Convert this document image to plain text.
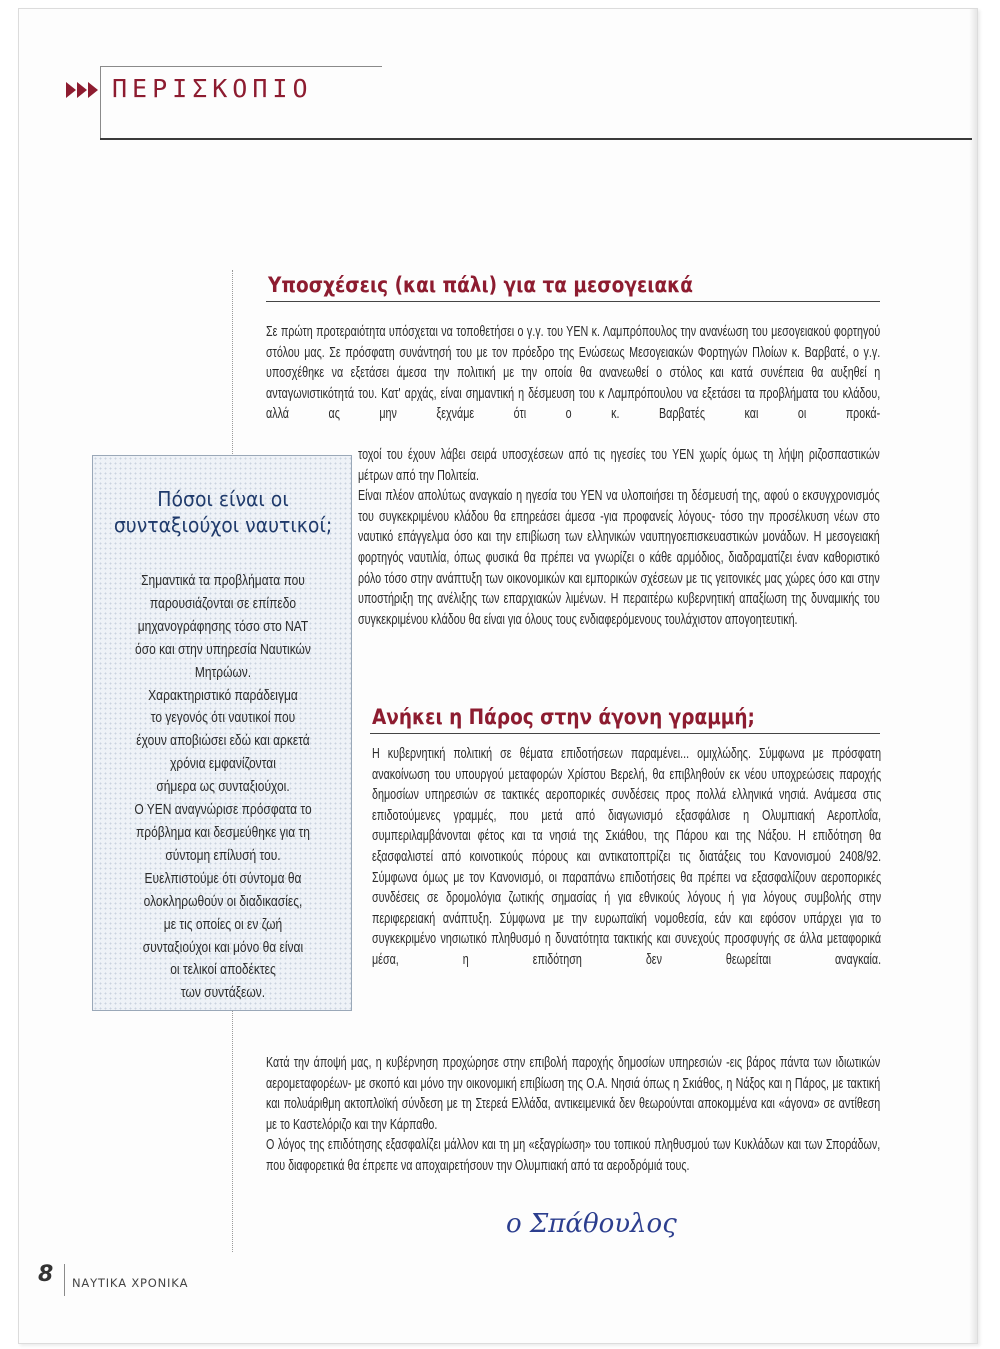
ΠΕΡΙΣΚΟΠΙΟ
Υποσχέσεις (και πάλι) για τα μεσογειακά

Σε πρώτη προτεραιότητα υπόσχεται να τοποθετήσει ο γ.γ. του ΥΕΝ κ. Λαμπρόπουλος την ανανέωση του μεσογειακού φορτηγού στόλου μας. Σε πρόσφατη συνάντησή του με τον πρόεδρο της Ενώσεως Μεσογειακών Φορτηγών Πλοίων κ. Βαρβατέ, ο γ.γ. υποσχέθηκε να εξετάσει άμεσα την πολιτική με την οποία θα ανανεωθεί ο στόλος και κατά συνέπεια θα αυξηθεί η ανταγωνιστικότητά του. Κατ' αρχάς, είναι σημαντική η δέσμευση του κ Λαμπρόπουλου να εξετάσει τα προβλήματα του κλάδου, αλλά ας μην ξεχνάμε ότι ο κ. Βαρβατές και οι προκά-

τοχοί του έχουν λάβει σειρά υποσχέσεων από τις ηγεσίες του ΥΕΝ χωρίς όμως τη λήψη ριζοσπαστικών μέτρων από την Πολιτεία.
Είναι πλέον απολύτως αναγκαίο η ηγεσία του ΥΕΝ να υλοποιήσει τη δέσμευσή της, αφού ο εκσυγχρονισμός του συγκεκριμένου κλάδου θα επηρεάσει άμεσα -για προφανείς λόγους- τόσο την προσέλκυση νέων στο ναυτικό επάγγελμα όσο και την επιβίωση των ελληνικών ναυπηγοεπισκευαστικών μονάδων. Η μεσογειακή φορτηγός ναυτιλία, όπως φυσικά θα πρέπει να γνωρίζει ο κάθε αρμόδιος, διαδραματίζει έναν καθοριστικό ρόλο τόσο στην ανάπτυξη των οικονομικών και εμπορικών σχέσεων με τις γειτονικές μας χώρες όσο και στην υποστήριξη της ανέλιξης των επαρχιακών λιμένων. Η περαιτέρω κυβερνητική απαξίωση της δυναμικής του συγκεκριμένου κλάδου θα είναι για όλους τους ενδιαφερόμενους τουλάχιστον απογοητευτική.

Πόσοι είναι οι
συνταξιούχοι ναυτικοί;
Σημαντικά τα προβλήματα που
παρουσιάζονται σε επίπεδο
μηχανογράφησης τόσο στο ΝΑΤ
όσο και στην υπηρεσία Ναυτικών
Μητρώων.
Χαρακτηριστικό παράδειγμα
το γεγονός ότι ναυτικοί που
έχουν αποβιώσει εδώ και αρκετά
χρόνια εμφανίζονται
σήμερα ως συνταξιούχοι.
Ο ΥΕΝ αναγνώρισε πρόσφατα το
πρόβλημα και δεσμεύθηκε για τη
σύντομη επίλυσή του.
Ευελπιστούμε ότι σύντομα θα
ολοκληρωθούν οι διαδικασίες,
με τις οποίες οι εν ζωή
συνταξιούχοι και μόνο θα είναι
οι τελικοί αποδέκτες
των συντάξεων.
Ανήκει η Πάρος στην άγονη γραμμή;

Η κυβερνητική πολιτική σε θέματα επιδοτήσεων παραμένει... ομιχλώδης. Σύμφωνα με πρόσφατη ανακοίνωση του υπουργού μεταφορών Χρίστου Βερελή, θα επιβληθούν εκ νέου υποχρεώσεις παροχής δημοσίων υπηρεσιών σε τακτικές αεροπορικές συνδέσεις προς πολλά ελληνικά νησιά. Ανάμεσα στις επιδοτούμενες γραμμές, που μετά από διαγωνισμό εξασφάλισε η Ολυμπιακή Αεροπλοΐα, συμπεριλαμβάνονται φέτος και τα νησιά της Σκιάθου, της Πάρου και της Νάξου. Η επιδότηση θα εξασφαλιστεί από κοινοτικούς πόρους και αντικατοπτρίζει τις διατάξεις του Κανονισμού 2408/92.
Σύμφωνα όμως με τον Κανονισμό, οι παραπάνω επιδοτήσεις θα πρέπει να εξασφαλίζουν αεροπορικές συνδέσεις σε δρομολόγια ζωτικής σημασίας ή για εθνικούς λόγους ή για λόγους συμβολής στην περιφερειακή ανάπτυξη. Σύμφωνα με την ευρωπαϊκή νομοθεσία, εάν και εφόσον υπάρχει για το συγκεκριμένο νησιωτικό πληθυσμό η δυνατότητα τακτικής και συνεχούς προσφυγής σε άλλα μεταφορικά μέσα, η επιδότηση δεν θεωρείται αναγκαία.

Κατά την άποψή μας, η κυβέρνηση προχώρησε στην επιβολή παροχής δημοσίων υπηρεσιών -εις βάρος πάντα των ιδιωτικών αερομεταφορέων- με σκοπό και μόνο την οικονομική επιβίωση της Ο.Α. Νησιά όπως η Σκιάθος, η Νάξος και η Πάρος, με τακτική και πολυάριθμη ακτοπλοϊκή σύνδεση με τη Στερεά Ελλάδα, αντικειμενικά δεν θεωρούνται αποκομμένα και «άγονα» σε αντίθεση με το Καστελόριζο και την Κάρπαθο.
Ο λόγος της επιδότησης εξασφαλίζει μάλλον και τη μη «εξαγρίωση» του τοπικού πληθυσμού των Κυκλάδων και των Σποράδων, που διαφορετικά θα έπρεπε να αποχαιρετήσουν την Ολυμπιακή από τα αεροδρόμιά τους.

ο Σπάθουλος

8 ΝΑΥΤΙΚΑ ΧΡΟΝΙΚΑ
